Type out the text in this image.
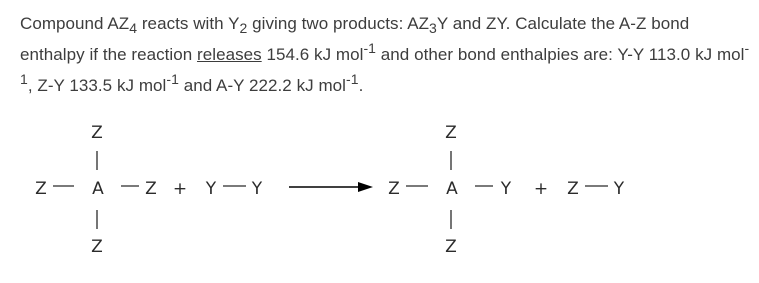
Compound $AZ_4$ reacts with $Y_2$ giving two products: $AZ_3Y$ and ZY. Calculate the A-Z bond enthalpy if the reaction releases 154.6 kJ mol$^{-1}$ and other bond enthalpies are: Y-Y 113.0 kJ mol$^{-1}$, Z-Y 133.5 kJ mol$^{-1}$ and A-Y 222.2 kJ mol$^{-1}$.

Z
Z	A Z
Z
+ Y Y
Z
Z	A	Y
Z
+ Z Y
